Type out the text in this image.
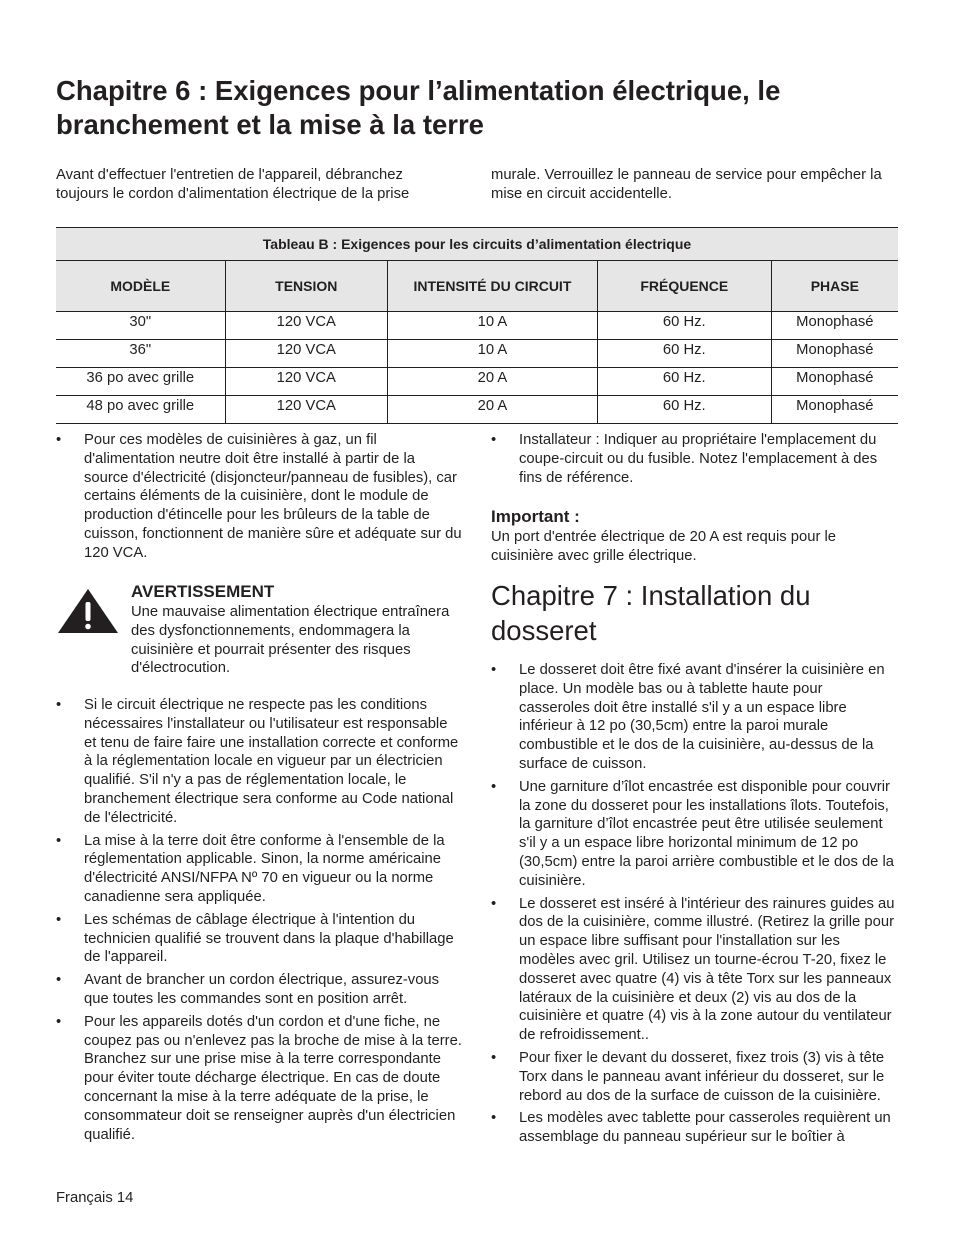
Chapitre 6 : Exigences pour l’alimentation électrique, le branchement et la mise à la terre

Avant d'effectuer l'entretien de l'appareil, débranchez toujours le cordon d'alimentation électrique de la prise

murale. Verrouillez le panneau de service pour empêcher la mise en circuit accidentelle.

Tableau B : Exigences pour les circuits d’alimentation électrique				
MODÈLE	TENSION	INTENSITÉ DU CIRCUIT	FRÉQUENCE	PHASE
30"	120 VCA	10 A	60 Hz.	Monophasé
36"	120 VCA	10 A	60 Hz.	Monophasé
36 po avec grille	120 VCA	20 A	60 Hz.	Monophasé
48 po avec grille	120 VCA	20 A	60 Hz.	Monophasé
• Pour ces modèles de cuisinières à gaz, un fil d'alimentation neutre doit être installé à partir de la source d'électricité (disjoncteur/panneau de fusibles), car certains éléments de la cuisinière, dont le module de production d'étincelle pour les brûleurs de la table de cuisson, fonctionnent de manière sûre et adéquate sur du 120 VCA.
AVERTISSEMENT
Une mauvaise alimentation électrique entraînera des dysfonctionnements, endommagera la cuisinière et pourrait présenter des risques d'électrocution.
• Si le circuit électrique ne respecte pas les conditions nécessaires l'installateur ou l'utilisateur est responsable et tenu de faire faire une installation correcte et conforme à la réglementation locale en vigueur par un électricien qualifié. S'il n'y a pas de réglementation locale, le branchement électrique sera conforme au Code national de l'électricité.
• La mise à la terre doit être conforme à l'ensemble de la réglementation applicable. Sinon, la norme américaine d'électricité ANSI/NFPA Nº 70 en vigueur ou la norme canadienne sera appliquée.
• Les schémas de câblage électrique à l'intention du technicien qualifié se trouvent dans la plaque d'habillage de l'appareil.
• Avant de brancher un cordon électrique, assurez-vous que toutes les commandes sont en position arrêt.
• Pour les appareils dotés d'un cordon et d'une fiche, ne coupez pas ou n'enlevez pas la broche de mise à la terre. Branchez sur une prise mise à la terre correspondante pour éviter toute décharge électrique. En cas de doute concernant la mise à la terre adéquate de la prise, le consommateur doit se renseigner auprès d'un électricien qualifié.
• Installateur : Indiquer au propriétaire l'emplacement du coupe-circuit ou du fusible. Notez l'emplacement à des fins de référence.
Important :
Un port d'entrée électrique de 20 A est requis pour le cuisinière avec grille électrique.
Chapitre 7 : Installation du dosseret
• Le dosseret doit être fixé avant d'insérer la cuisinière en place. Un modèle bas ou à tablette haute pour casseroles doit être installé s'il y a un espace libre inférieur à 12 po (30,5cm) entre la paroi murale combustible et le dos de la cuisinière, au-dessus de la surface de cuisson.
• Une garniture d’îlot encastrée est disponible pour couvrir la zone du dosseret pour les installations îlots. Toutefois, la garniture d’îlot encastrée peut être utilisée seulement s'il y a un espace libre horizontal minimum de 12 po (30,5cm) entre la paroi arrière combustible et le dos de la cuisinière.
• Le dosseret est inséré à l'intérieur des rainures guides au dos de la cuisinière, comme illustré. (Retirez la grille pour un espace libre suffisant pour l'installation sur les modèles avec gril. Utilisez un tourne-écrou T-20, fixez le dosseret avec quatre (4) vis à tête Torx sur les panneaux latéraux de la cuisinière et deux (2) vis au dos de la cuisinière et quatre (4) vis à la zone autour du ventilateur de refroidissement..
• Pour fixer le devant du dosseret, fixez trois (3) vis à tête Torx dans le panneau avant inférieur du dosseret, sur le rebord au dos de la surface de cuisson de la cuisinière.
• Les modèles avec tablette pour casseroles requièrent un assemblage du panneau supérieur sur le boîtier à
Français 14
